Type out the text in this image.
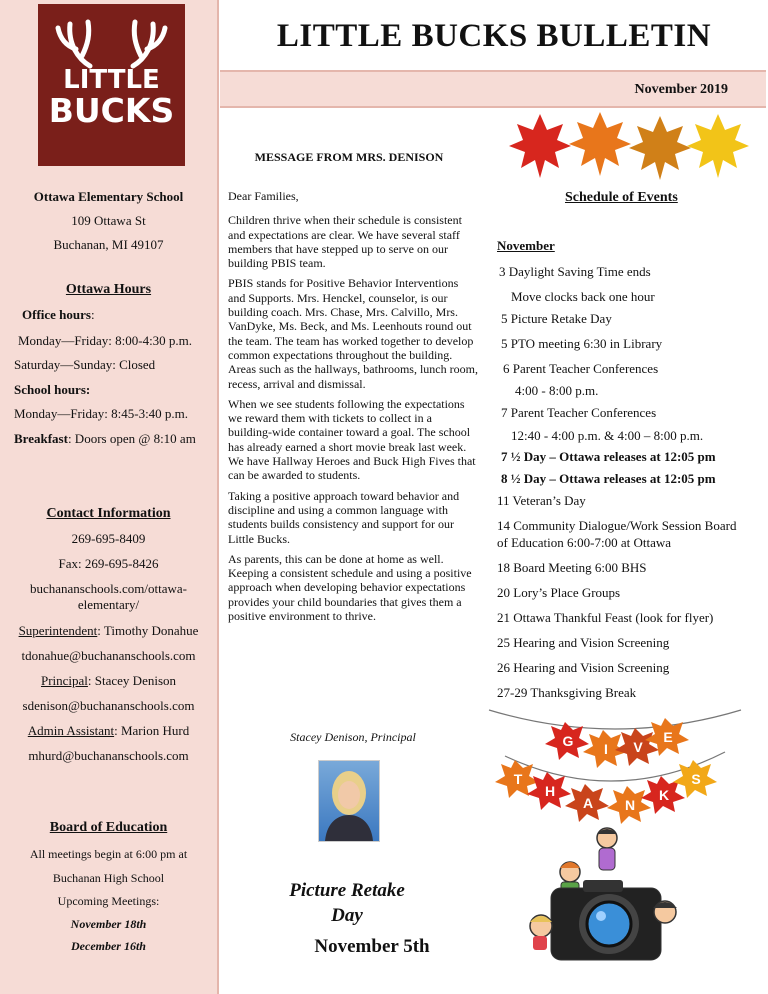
LITTLE
BUCKS
Ottawa Elementary School
109 Ottawa St
Buchanan, MI 49107
Ottawa Hours
Office hours:
Monday—Friday: 8:00-4:30 p.m.
Saturday—Sunday: Closed
School hours:
Monday—Friday: 8:45-3:40 p.m.
Breakfast: Doors open @ 8:10 am
Contact Information
269-695-8409
Fax: 269-695-8426
buchananschools.com/ottawa-
elementary/
Superintendent: Timothy Donahue
tdonahue@buchananschools.com
Principal: Stacey Denison
sdenison@buchananschools.com
Admin Assistant: Marion Hurd
mhurd@buchananschools.com
Board of Education
All meetings begin at 6:00 pm at
Buchanan High School
Upcoming Meetings:
November 18th
December 16th
LITTLE BUCKS BULLETIN
November 2019
MESSAGE FROM MRS. DENISON

Dear Families,

Children thrive when their schedule is consistent and expectations are clear. We have several staff members that have stepped up to serve on our building PBIS team.

PBIS stands for Positive Behavior Interventions and Supports. Mrs. Henckel, counselor, is our building coach. Mrs. Chase, Mrs. Calvillo, Mrs. VanDyke, Ms. Beck, and Ms. Leenhouts round out the team. The team has worked together to develop common expectations throughout the building. Areas such as the hallways, bathrooms, lunch room, recess, arrival and dismissal.

When we see students following the expectations we reward them with tickets to collect in a building-wide container toward a goal. The school has already earned a short movie break last week. We have Hallway Heroes and Buck High Fives that can be awarded to students.

Taking a positive approach toward behavior and discipline and using a common language with students builds consistency and support for our Little Bucks.

As parents, this can be done at home as well. Keeping a consistent schedule and using a positive approach when developing behavior expectations provides your child boundaries that gives them a positive environment to thrive.

Stacey Denison, Principal
Picture Retake
Day
November 5th
Schedule of Events
November
3 Daylight Saving Time ends
Move clocks back one hour
5 Picture Retake Day
5 PTO meeting 6:30 in Library
6 Parent Teacher Conferences
4:00 - 8:00 p.m.
7 Parent Teacher Conferences
12:40 - 4:00 p.m. & 4:00 – 8:00 p.m.
7 ½ Day – Ottawa releases at 12:05 pm
8 ½ Day – Ottawa releases at 12:05 pm
11 Veteran’s Day
14 Community Dialogue/Work Session Board
of Education 6:00-7:00 at Ottawa
18 Board Meeting 6:00 BHS
20 Lory’s Place Groups
21 Ottawa Thankful Feast (look for flyer)
25 Hearing and Vision Screening
26 Hearing and Vision Screening
27-29 Thanksgiving Break
G I V
E
T
H
A N
K
S
